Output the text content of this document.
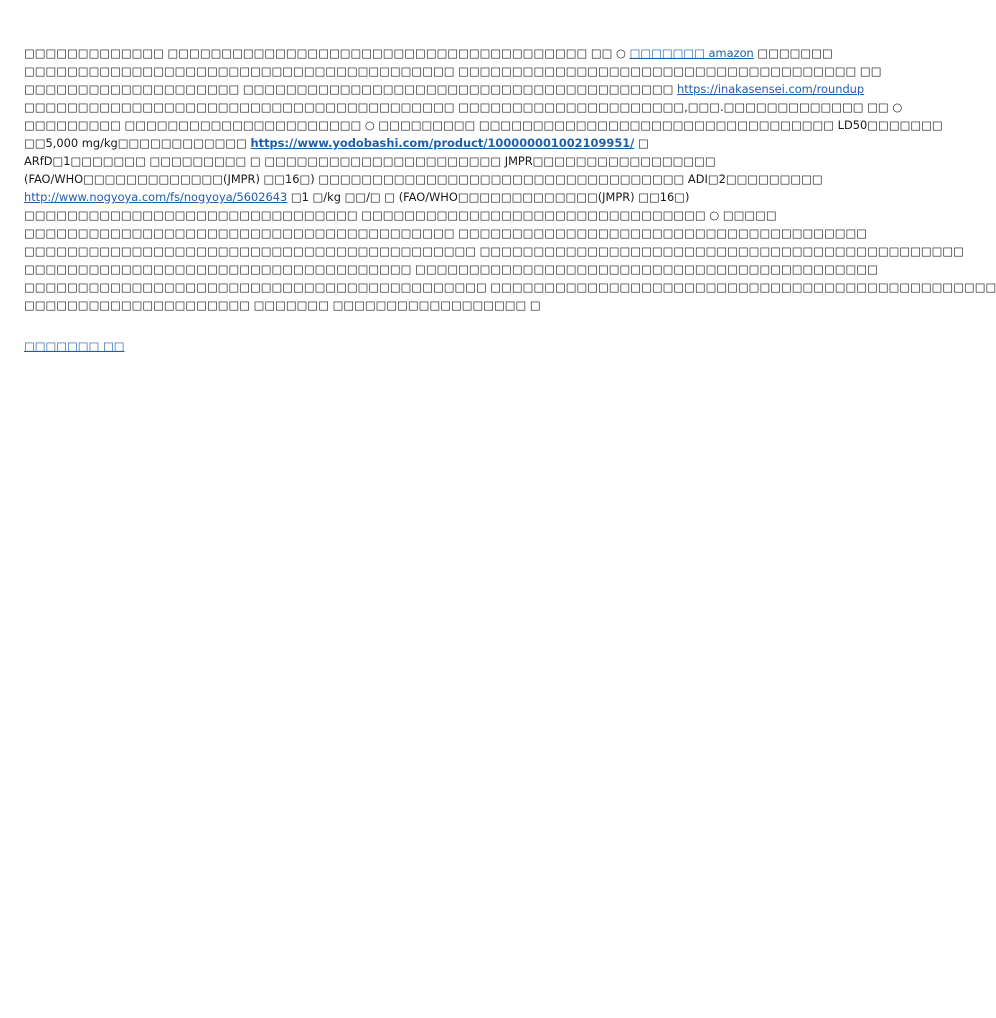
□□□□□□□□□□□□□ □□□□□□□□□□□□□□□□□□□□□□□□□□□□□□□□□□□□□□□ □□ ○ □□□□□□□ amazon □□□□□□□
□□□□□□□□□□□□□□□□□□□□□□□□□□□□□□□□□□□□□□□□ □□□□□□□□□□□□□□□□□□□□□□□□□□□□□□□□□□□□□ □□
□□□□□□□□□□□□□□□□□□□□ □□□□□□□□□□□□□□□□□□□□□□□□□□□□□□□□□□□□□□□□ https://inakasensei.com/roundup
□□□□□□□□□□□□□□□□□□□□□□□□□□□□□□□□□□□□□□□□ □□□□□□□□□□□□□□□□□□□□□,□□□.□□□□□□□□□□□□□ □□ ○
□□□□□□□□□ □□□□□□□□□□□□□□□□□□□□□□ ○ □□□□□□□□□ □□□□□□□□□□□□□□□□□□□□□□□□□□□□□□□□□ LD50□□□□□□□
□□5,000 mg/kg□□□□□□□□□□□□ https://www.yodobashi.com/product/100000001002109951/ □
ARfD□1□□□□□□□ □□□□□□□□□ □ □□□□□□□□□□□□□□□□□□□□□□ JMPR□□□□□□□□□□□□□□□□□
(FAO/WHO□□□□□□□□□□□□□(JMPR) □□16□) □□□□□□□□□□□□□□□□□□□□□□□□□□□□□□□□□□ ADI□2□□□□□□□□□
http://www.nogyoya.com/fs/nogyoya/5602643 □1 □/kg □□/□ □ (FAO/WHO□□□□□□□□□□□□□(JMPR) □□16□)
□□□□□□□□□□□□□□□□□□□□□□□□□□□□□□□ □□□□□□□□□□□□□□□□□□□□□□□□□□□□□□□□ ○ □□□□□
□□□□□□□□□□□□□□□□□□□□□□□□□□□□□□□□□□□□□□□□ □□□□□□□□□□□□□□□□□□□□□□□□□□□□□□□□□□□□□□
□□□□□□□□□□□□□□□□□□□□□□□□□□□□□□□□□□□□□□□□□□ □□□□□□□□□□□□□□□□□□□□□□□□□□□□□□□□□□□□□□□□□□□□□
□□□□□□□□□□□□□□□□□□□□□□□□□□□□□□□□□□□□ □□□□□□□□□□□□□□□□□□□□□□□□□□□□□□□□□□□□□□□□□□□
□□□□□□□□□□□□□□□□□□□□□□□□□□□□□□□□□□□□□□□□□□□ □□□□□□□□□□□□□□□□□□□□□□□□□□□□□□□□□□□□□□□□□□□□□□□
□□□□□□□□□□□□□□□□□□□□□ □□□□□□□ □□□□□□□□□□□□□□□□□□ □
□□□□□□□ □□
